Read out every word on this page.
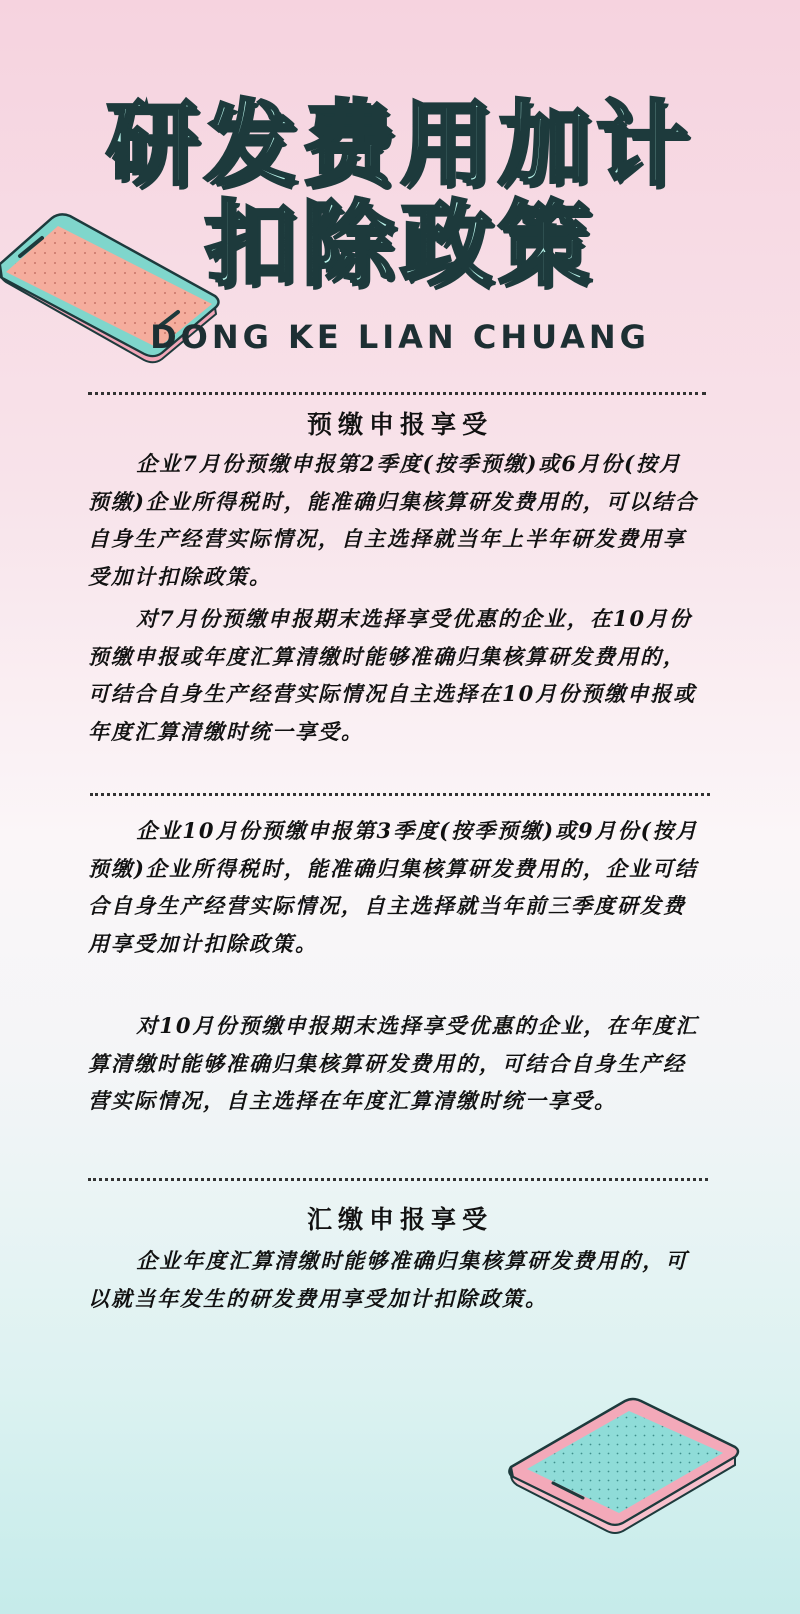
研发费用加计
扣除政策
DONG KE LIAN CHUANG
预缴申报享受

企业7月份预缴申报第2季度(按季预缴)或6月份(按月预缴)企业所得税时，能准确归集核算研发费用的，可以结合自身生产经营实际情况，自主选择就当年上半年研发费用享受加计扣除政策。

对7月份预缴申报期末选择享受优惠的企业，在10月份预缴申报或年度汇算清缴时能够准确归集核算研发费用的，可结合自身生产经营实际情况自主选择在10月份预缴申报或年度汇算清缴时统一享受。

企业10月份预缴申报第3季度(按季预缴)或9月份(按月预缴)企业所得税时，能准确归集核算研发费用的，企业可结合自身生产经营实际情况，自主选择就当年前三季度研发费用享受加计扣除政策。

对10月份预缴申报期末选择享受优惠的企业，在年度汇算清缴时能够准确归集核算研发费用的，可结合自身生产经营实际情况，自主选择在年度汇算清缴时统一享受。

汇缴申报享受

企业年度汇算清缴时能够准确归集核算研发费用的，可以就当年发生的研发费用享受加计扣除政策。
